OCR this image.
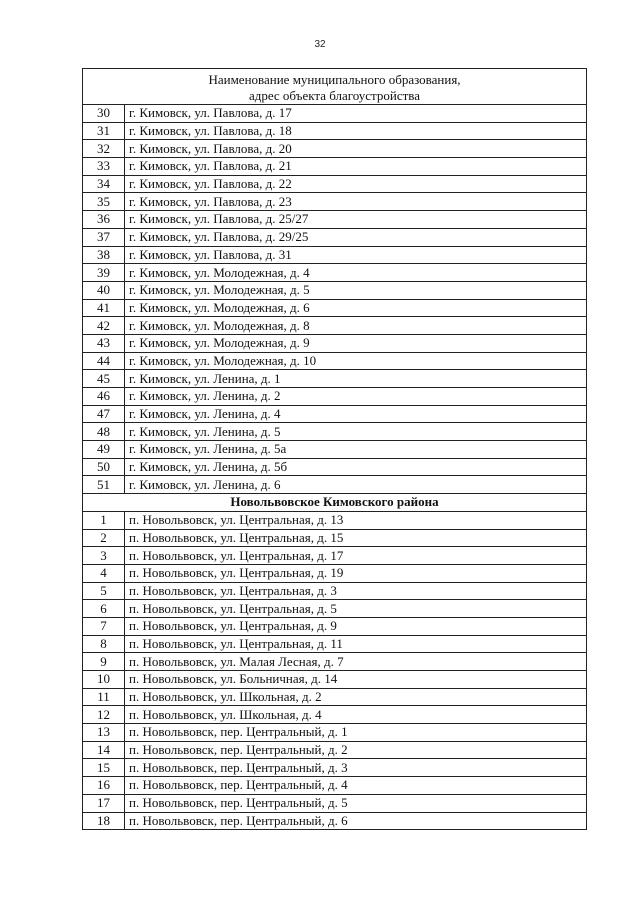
32
Наименование муниципального образования,
адрес объекта благоустройства	
30	г. Кимовск, ул. Павлова, д. 17
31	г. Кимовск, ул. Павлова, д. 18
32	г. Кимовск, ул. Павлова, д. 20
33	г. Кимовск, ул. Павлова, д. 21
34	г. Кимовск, ул. Павлова, д. 22
35	г. Кимовск, ул. Павлова, д. 23
36	г. Кимовск, ул. Павлова, д. 25/27
37	г. Кимовск, ул. Павлова, д. 29/25
38	г. Кимовск, ул. Павлова, д. 31
39	г. Кимовск, ул. Молодежная, д. 4
40	г. Кимовск, ул. Молодежная, д. 5
41	г. Кимовск, ул. Молодежная, д. 6
42	г. Кимовск, ул. Молодежная, д. 8
43	г. Кимовск, ул. Молодежная, д. 9
44	г. Кимовск, ул. Молодежная, д. 10
45	г. Кимовск, ул. Ленина, д. 1
46	г. Кимовск, ул. Ленина, д. 2
47	г. Кимовск, ул. Ленина, д. 4
48	г. Кимовск, ул. Ленина, д. 5
49	г. Кимовск, ул. Ленина, д. 5а
50	г. Кимовск, ул. Ленина, д. 5б
51	г. Кимовск, ул. Ленина, д. 6
Новольвовское Кимовского района	
1	п. Новольвовск, ул. Центральная, д. 13
2	п. Новольвовск, ул. Центральная, д. 15
3	п. Новольвовск, ул. Центральная, д. 17
4	п. Новольвовск, ул. Центральная, д. 19
5	п. Новольвовск, ул. Центральная, д. 3
6	п. Новольвовск, ул. Центральная, д. 5
7	п. Новольвовск, ул. Центральная, д. 9
8	п. Новольвовск, ул. Центральная, д. 11
9	п. Новольвовск, ул. Малая Лесная, д. 7
10	п. Новольвовск, ул. Больничная, д. 14
11	п. Новольвовск, ул. Школьная, д. 2
12	п. Новольвовск, ул. Школьная, д. 4
13	п. Новольвовск, пер. Центральный, д. 1
14	п. Новольвовск, пер. Центральный, д. 2
15	п. Новольвовск, пер. Центральный, д. 3
16	п. Новольвовск, пер. Центральный, д. 4
17	п. Новольвовск, пер. Центральный, д. 5
18	п. Новольвовск, пер. Центральный, д. 6
